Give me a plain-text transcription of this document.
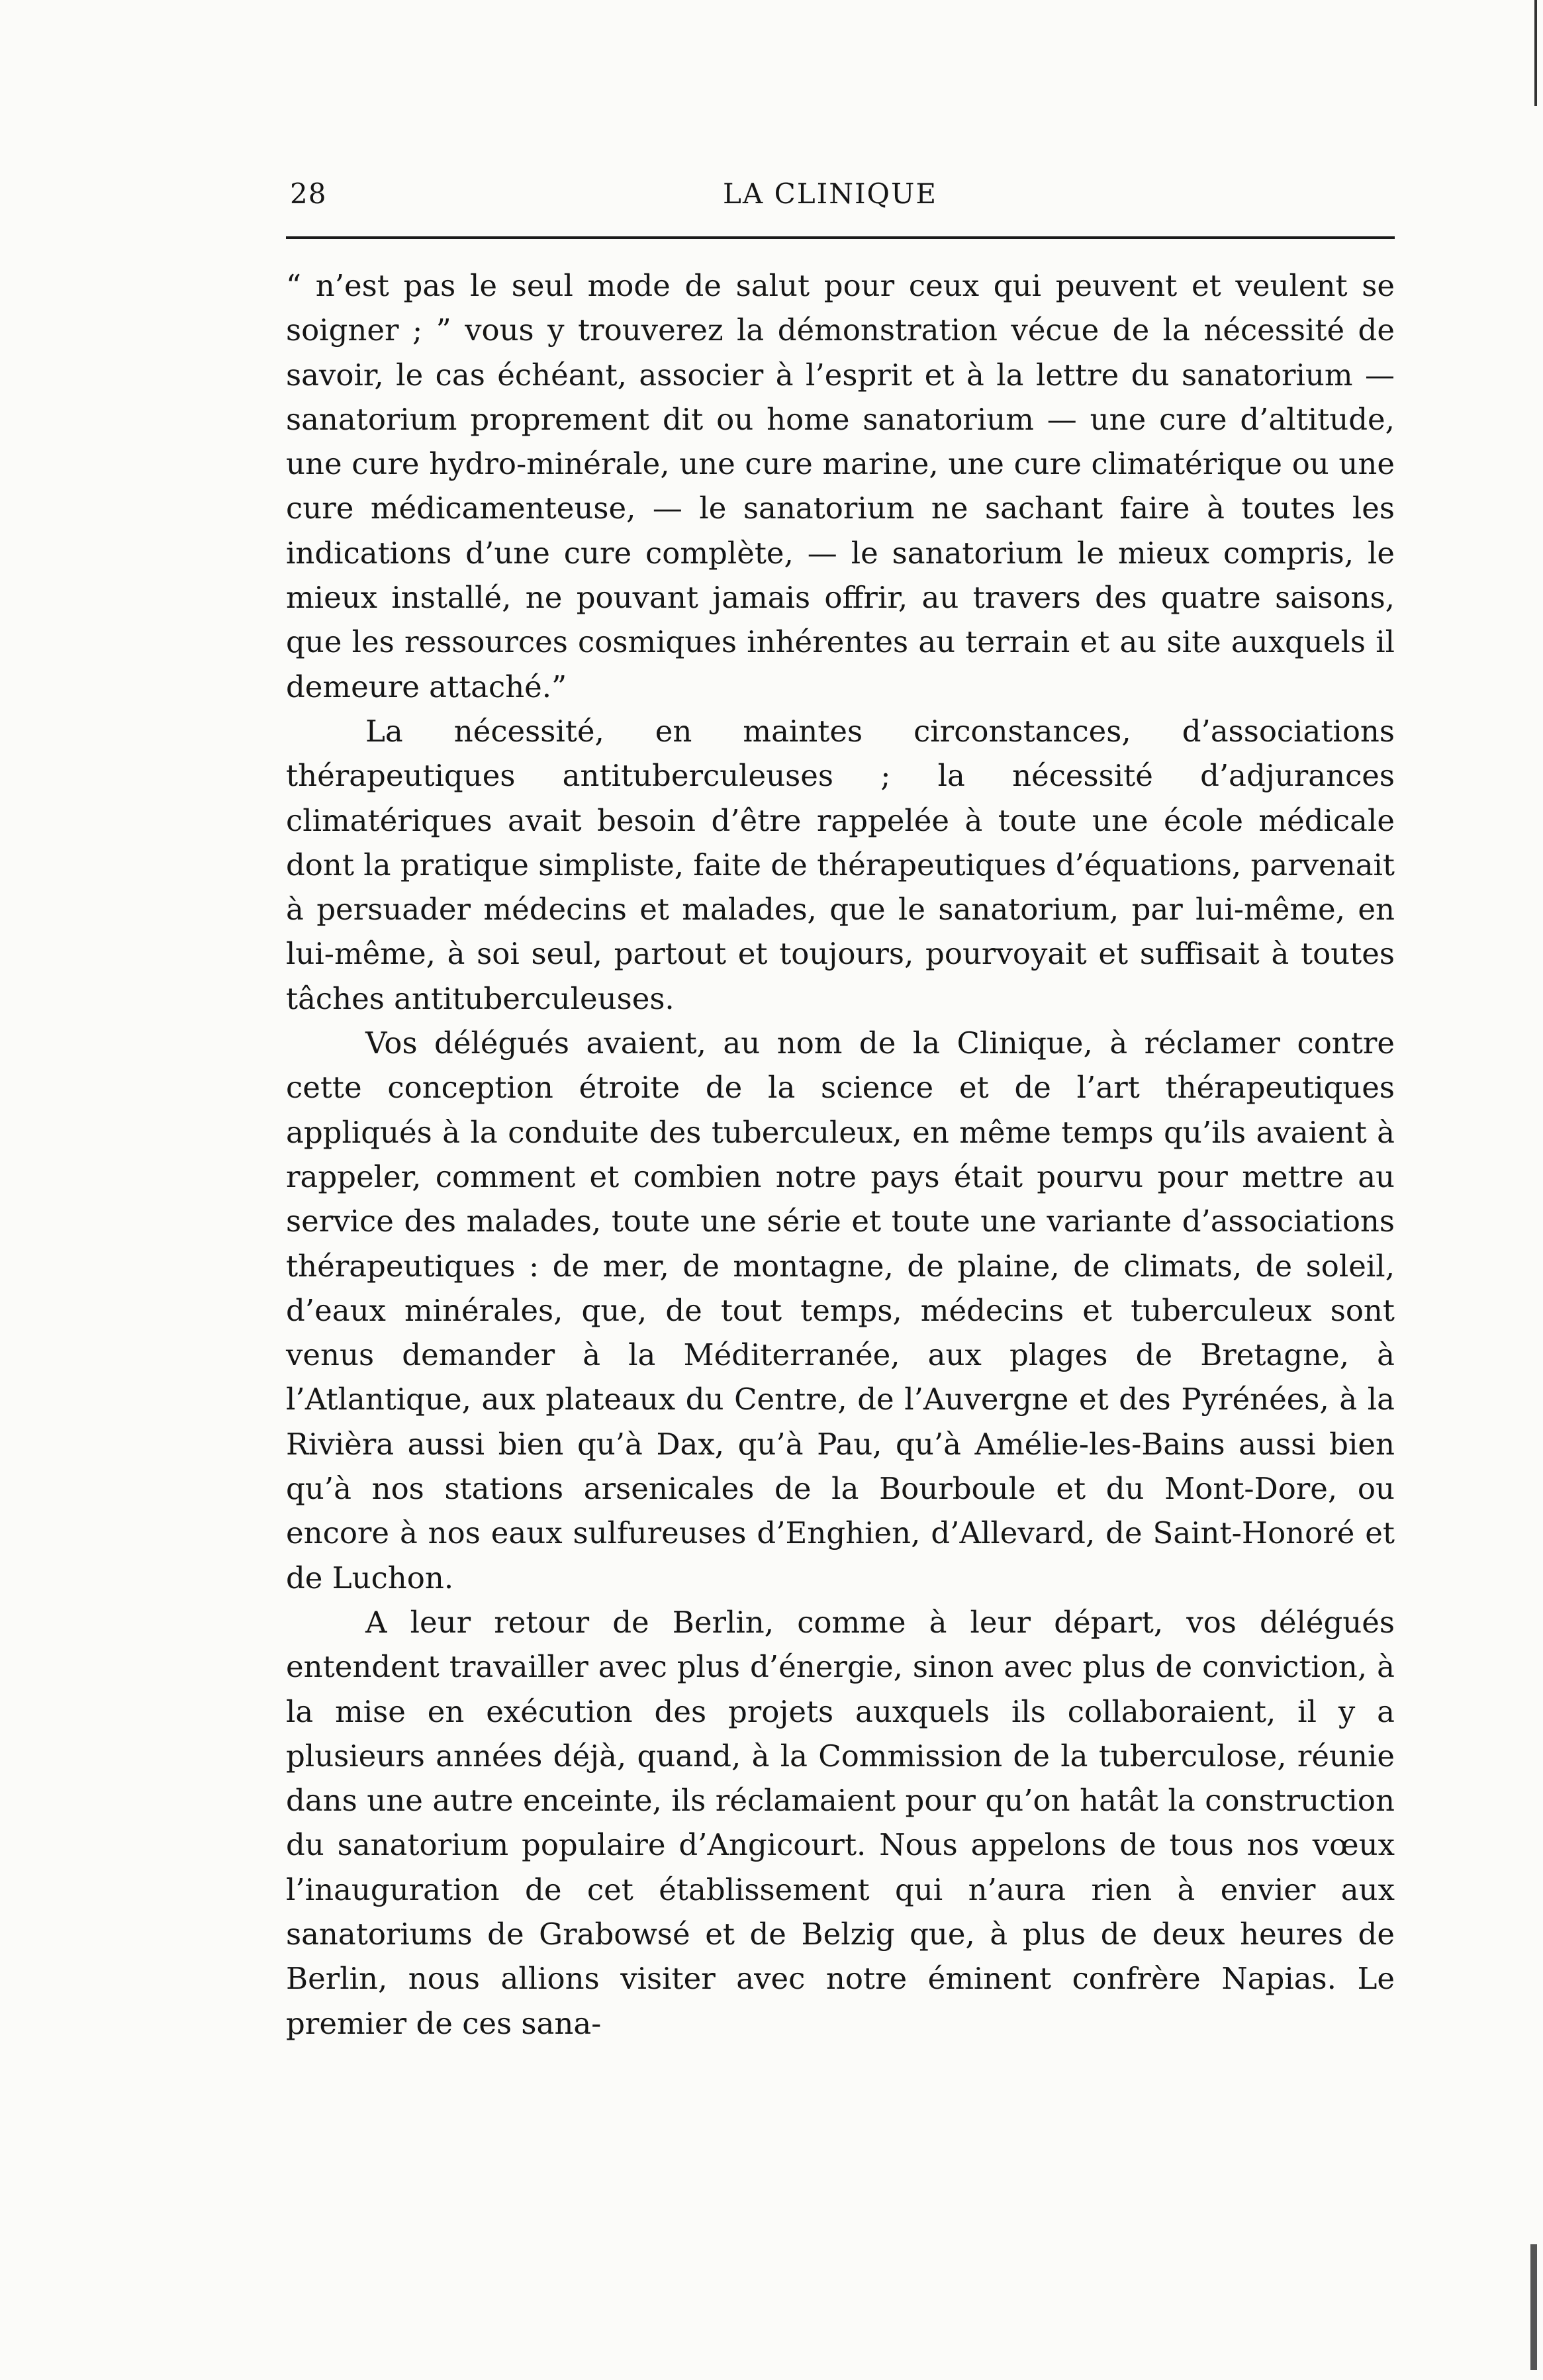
28	LA CLINIQUE

“ n’est pas le seul mode de salut pour ceux qui peuvent et veulent se soigner ; ” vous y trouverez la démonstration vécue de la nécessité de savoir, le cas échéant, associer à l’esprit et à la lettre du sanatorium — sanatorium proprement dit ou home sanatorium — une cure d’altitude, une cure hydro-minérale, une cure marine, une cure climatérique ou une cure médicamenteuse, — le sanatorium ne sachant faire à toutes les indications d’une cure complète, — le sanatorium le mieux compris, le mieux installé, ne pouvant jamais offrir, au travers des quatre saisons, que les ressources cosmiques inhérentes au terrain et au site auxquels il demeure attaché.”

La nécessité, en maintes circonstances, d’associations thérapeutiques antituberculeuses ; la nécessité d’adjurances climatériques avait besoin d’être rappelée à toute une école médicale dont la pratique simpliste, faite de thérapeutiques d’équations, parvenait à persuader médecins et malades, que le sanatorium, par lui-même, en lui-même, à soi seul, partout et toujours, pourvoyait et suffisait à toutes tâches antituberculeuses.

Vos délégués avaient, au nom de la Clinique, à réclamer contre cette conception étroite de la science et de l’art thérapeutiques appliqués à la conduite des tuberculeux, en même temps qu’ils avaient à rappeler, comment et combien notre pays était pourvu pour mettre au service des malades, toute une série et toute une variante d’associations thérapeutiques : de mer, de montagne, de plaine, de climats, de soleil, d’eaux minérales, que, de tout temps, médecins et tuberculeux sont venus demander à la Méditerranée, aux plages de Bretagne, à l’Atlantique, aux plateaux du Centre, de l’Auvergne et des Pyrénées, à la Rivièra aussi bien qu’à Dax, qu’à Pau, qu’à Amélie-les-Bains aussi bien qu’à nos stations arsenicales de la Bourboule et du Mont-Dore, ou encore à nos eaux sulfureuses d’Enghien, d’Allevard, de Saint-Honoré et de Luchon.

A leur retour de Berlin, comme à leur départ, vos délégués entendent travailler avec plus d’énergie, sinon avec plus de conviction, à la mise en exécution des projets auxquels ils collaboraient, il y a plusieurs années déjà, quand, à la Commission de la tuberculose, réunie dans une autre enceinte, ils réclamaient pour qu’on hatât la construction du sanatorium populaire d’Angicourt. Nous appelons de tous nos vœux l’inauguration de cet établissement qui n’aura rien à envier aux sanatoriums de Grabowsé et de Belzig que, à plus de deux heures de Berlin, nous allions visiter avec notre éminent confrère Napias. Le premier de ces sana-
